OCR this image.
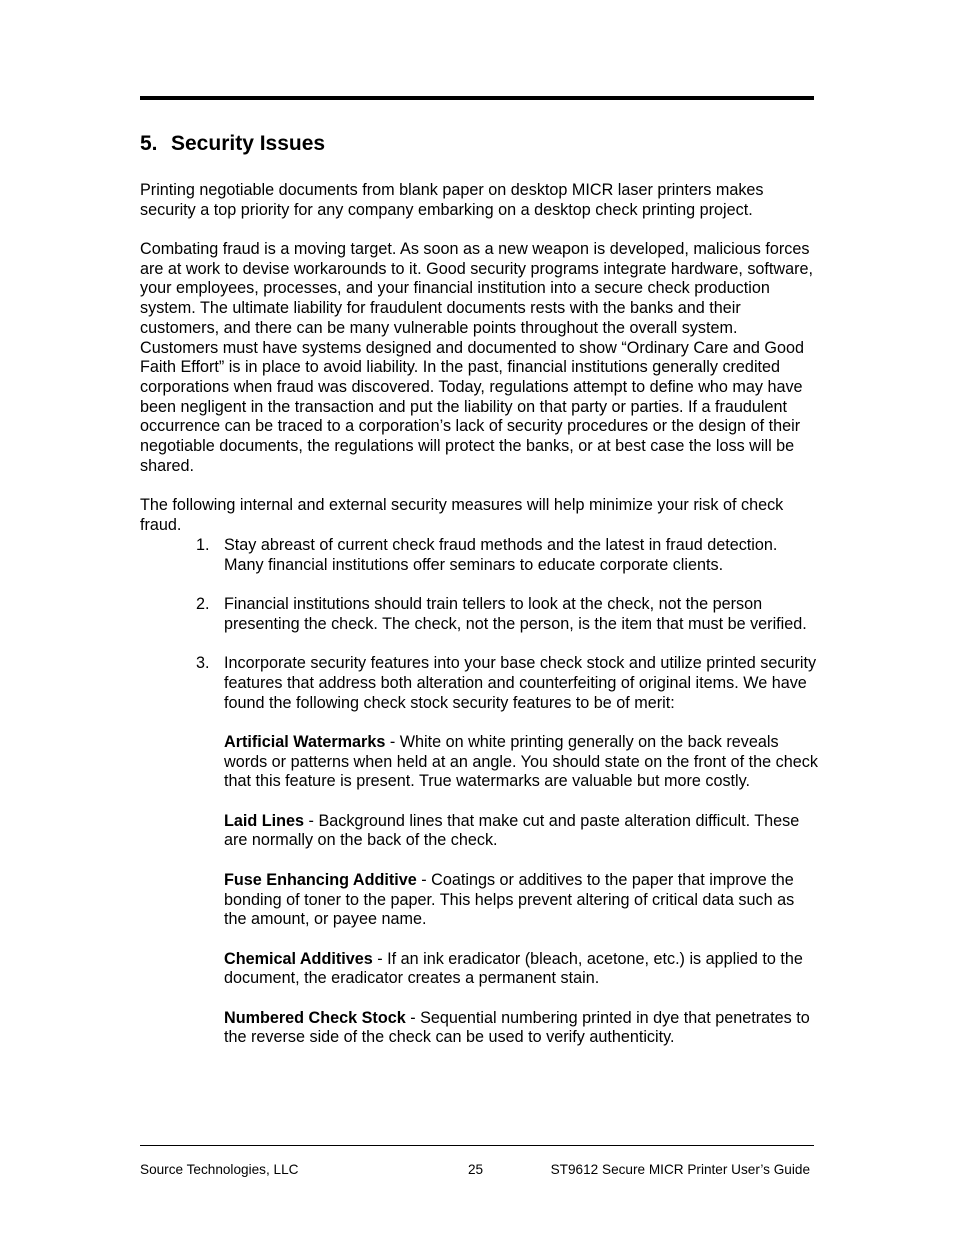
5. Security Issues

Printing negotiable documents from blank paper on desktop MICR laser printers makes security a top priority for any company embarking on a desktop check printing project.

Combating fraud is a moving target. As soon as a new weapon is developed, malicious forces are at work to devise workarounds to it. Good security programs integrate hardware, software, your employees, processes, and your financial institution into a secure check production system. The ultimate liability for fraudulent documents rests with the banks and their customers, and there can be many vulnerable points throughout the overall system. Customers must have systems designed and documented to show “Ordinary Care and Good Faith Effort” is in place to avoid liability. In the past, financial institutions generally credited corporations when fraud was discovered. Today, regulations attempt to define who may have been negligent in the transaction and put the liability on that party or parties. If a fraudulent occurrence can be traced to a corporation’s lack of security procedures or the design of their negotiable documents, the regulations will protect the banks, or at best case the loss will be shared.

The following internal and external security measures will help minimize your risk of check fraud.

1. Stay abreast of current check fraud methods and the latest in fraud detection. Many financial institutions offer seminars to educate corporate clients.
2. Financial institutions should train tellers to look at the check, not the person presenting the check. The check, not the person, is the item that must be verified.
3. Incorporate security features into your base check stock and utilize printed security features that address both alteration and counterfeiting of original items. We have found the following check stock security features to be of merit:

Artificial Watermarks - White on white printing generally on the back reveals words or patterns when held at an angle. You should state on the front of the check that this feature is present. True watermarks are valuable but more costly.

Laid Lines - Background lines that make cut and paste alteration difficult. These are normally on the back of the check.

Fuse Enhancing Additive - Coatings or additives to the paper that improve the bonding of toner to the paper. This helps prevent altering of critical data such as the amount, or payee name.

Chemical Additives - If an ink eradicator (bleach, acetone, etc.) is applied to the document, the eradicator creates a permanent stain.

Numbered Check Stock - Sequential numbering printed in dye that penetrates to the reverse side of the check can be used to verify authenticity.

Source Technologies, LLC	25	ST9612 Secure MICR Printer User’s Guide
